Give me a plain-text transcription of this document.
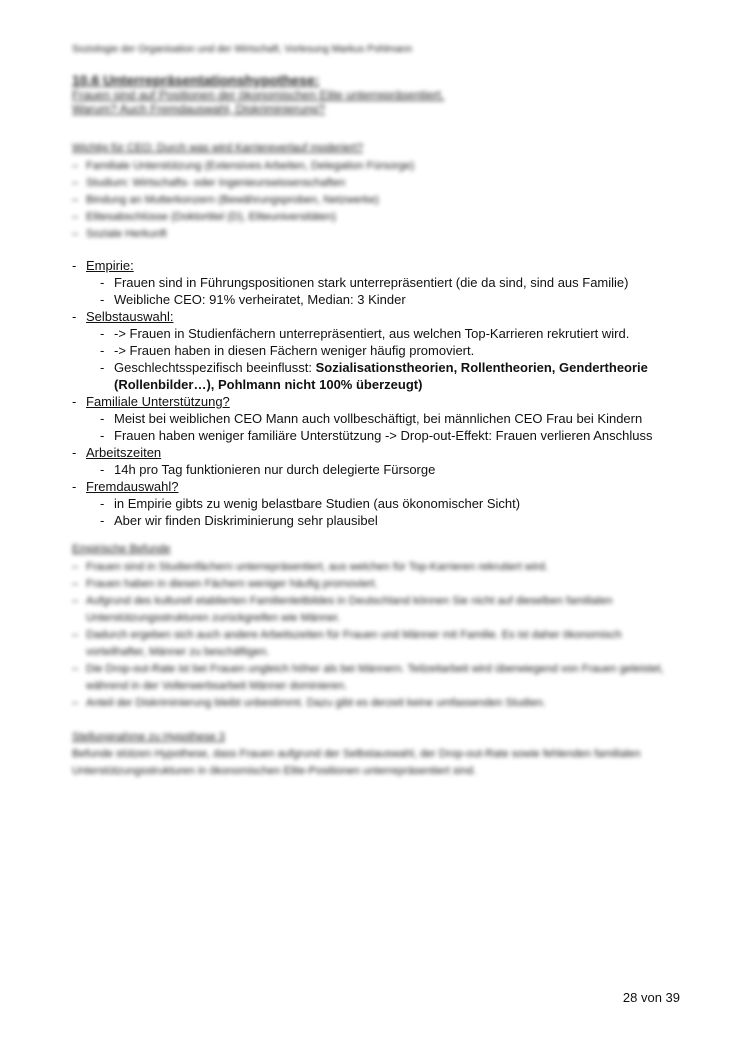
Soziologie der Organisation und der Wirtschaft, Vorlesung Markus Pohlmann
10.6 Unterrepräsentationshypothese:
Frauen sind auf Positionen der ökonomischen Elite unterrepräsentiert.
Warum? Auch Fremdauswahl, Diskriminierung?
Wichtig für CEO: Durch was wird Karriereverlauf moderiert?
– Familiale Unterstützung (Extensives Arbeiten, Delegation Fürsorge)
– Studium: Wirtschafts- oder Ingenieurswissenschaften
– Bindung an Mutterkonzern (Bewährungsproben, Netzwerke)
– Elitesabschlüsse (Doktortitel (D), Eliteuniversitäten)
– Soziale Herkunft
- Empirie:
- Frauen sind in Führungspositionen stark unterrepräsentiert (die da sind, sind aus Familie)
- Weibliche CEO: 91% verheiratet, Median: 3 Kinder
- Selbstauswahl:
- -> Frauen in Studienfächern unterrepräsentiert, aus welchen Top-Karrieren rekrutiert wird.
- -> Frauen haben in diesen Fächern weniger häufig promoviert.
- Geschlechtsspezifisch beeinflusst: Sozialisationstheorien, Rollentheorien, Gendertheorie (Rollenbilder…), Pohlmann nicht 100% überzeugt)
- Familiale Unterstützung?
- Meist bei weiblichen CEO Mann auch vollbeschäftigt, bei männlichen CEO Frau bei Kindern
- Frauen haben weniger familiäre Unterstützung -> Drop-out-Effekt: Frauen verlieren Anschluss
- Arbeitszeiten
- 14h pro Tag funktionieren nur durch delegierte Fürsorge
- Fremdauswahl?
- in Empirie gibts zu wenig belastbare Studien (aus ökonomischer Sicht)
- Aber wir finden Diskriminierung sehr plausibel
Empirische Befunde
– Frauen sind in Studienfächern unterrepräsentiert, aus welchen für Top-Karrieren rekrutiert wird.
– Frauen haben in diesen Fächern weniger häufig promoviert.
– Aufgrund des kulturell etablierten Familienleitbildes in Deutschland können Sie nicht auf dieselben familialen Unterstützungsstrukturen zurückgreifen wie Männer.
– Dadurch ergeben sich auch andere Arbeitszeiten für Frauen und Männer mit Familie. Es ist daher ökonomisch vorteilhafter, Männer zu beschäftigen.
– Die Drop-out-Rate ist bei Frauen ungleich höher als bei Männern. Teilzeitarbeit wird überwiegend von Frauen geleistet, während in der Vollerwerbsarbeit Männer dominieren.
– Anteil der Diskriminierung bleibt unbestimmt. Dazu gibt es derzeit keine umfassenden Studien.
Stellungnahme zu Hypothese 3
Befunde stützen Hypothese, dass Frauen aufgrund der Selbstauswahl, der Drop-out-Rate sowie fehlenden familialen Unterstützungsstrukturen in ökonomischen Elite-Positionen unterrepräsentiert sind.
28 von 39
